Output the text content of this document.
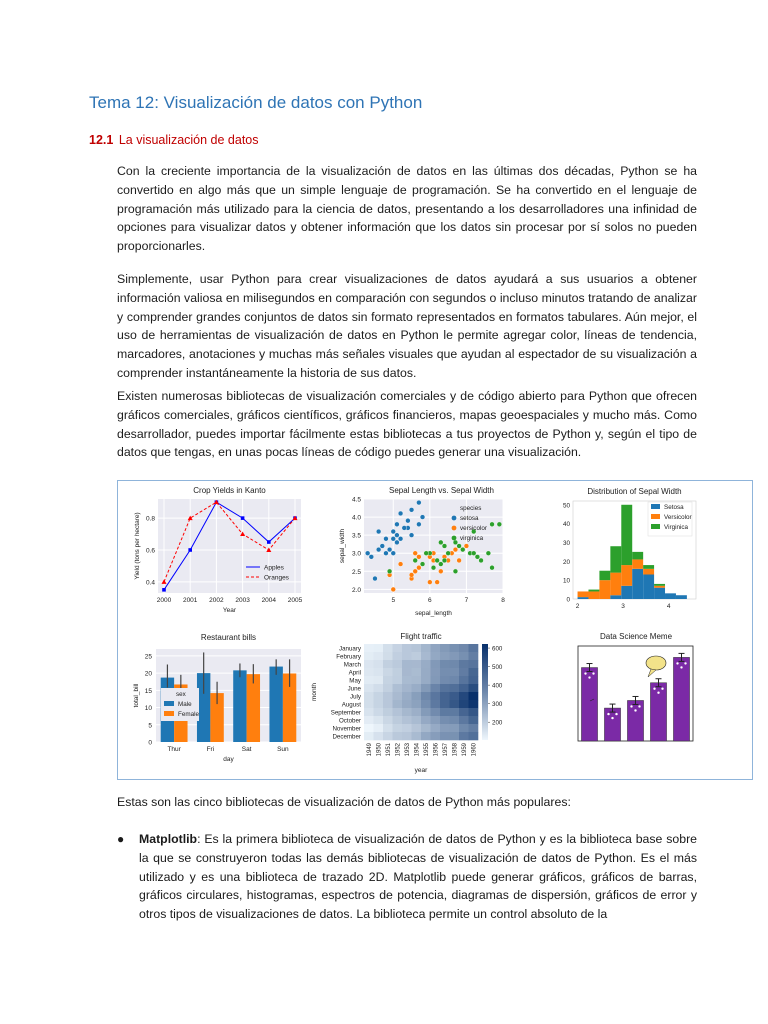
Tema 12: Visualización de datos con Python
12.1 La visualización de datos
Con la creciente importancia de la visualización de datos en las últimas dos décadas, Python se ha convertido en algo más que un simple lenguaje de programación. Se ha convertido en el lenguaje de programación más utilizado para la ciencia de datos, presentando a los desarrolladores una infinidad de opciones para visualizar datos y obtener información que los datos sin procesar por sí solos no pueden proporcionarles.
Simplemente, usar Python para crear visualizaciones de datos ayudará a sus usuarios a obtener información valiosa en milisegundos en comparación con segundos o incluso minutos tratando de analizar y comprender grandes conjuntos de datos sin formato representados en formatos tabulares. Aún mejor, el uso de herramientas de visualización de datos en Python le permite agregar color, líneas de tendencia, marcadores, anotaciones y muchas más señales visuales que ayudan al espectador de su visualización a comprender instantáneamente la historia de sus datos.
Existen numerosas bibliotecas de visualización comerciales y de código abierto para Python que ofrecen gráficos comerciales, gráficos científicos, gráficos financieros, mapas geoespaciales y mucho más. Como desarrollador, puedes importar fácilmente estas bibliotecas a tus proyectos de Python y, según el tipo de datos que tengas, en unas pocas líneas de código puedes generar una visualización.
0.4
0.6
0.8
2000 2001 2002 2003 2004 2005
Apples
Oranges
Crop Yields in Kanto
Year
Yield (tons per hectare)
2.0
2.5
3.0
3.5
4.0
4.5
5	6	7	8
species
setosa
versicolor
virginica
Sepal Length vs. Sepal Width
sepal_length
sepal_width
0
10
20
30
40
50
2	3	4
Setosa
Versicolor
Virginica
Distribution of Sepal Width
0
5
10
15
20
25
Thur	Fri	Sat	Sun
sex
Male
Female
Restaurant bills
day
total_bill
January
February
March
April
May
June
July
August
September
October
November
December
1949 1950 1951 1952 1953 1954 1955 1956 1957 1958 1959 1960
200
300
400
500
600
Flight traffic
year
month
Data Science Meme
Estas son las cinco bibliotecas de visualización de datos de Python más populares:
● Matplotlib: Es la primera biblioteca de visualización de datos de Python y es la biblioteca base sobre la que se construyeron todas las demás bibliotecas de visualización de datos de Python. Es el más utilizado y es una biblioteca de trazado 2D. Matplotlib puede generar gráficos, gráficos de barras, gráficos circulares, histogramas, espectros de potencia, diagramas de dispersión, gráficos de error y otros tipos de visualizaciones de datos. La biblioteca permite un control absoluto de la
